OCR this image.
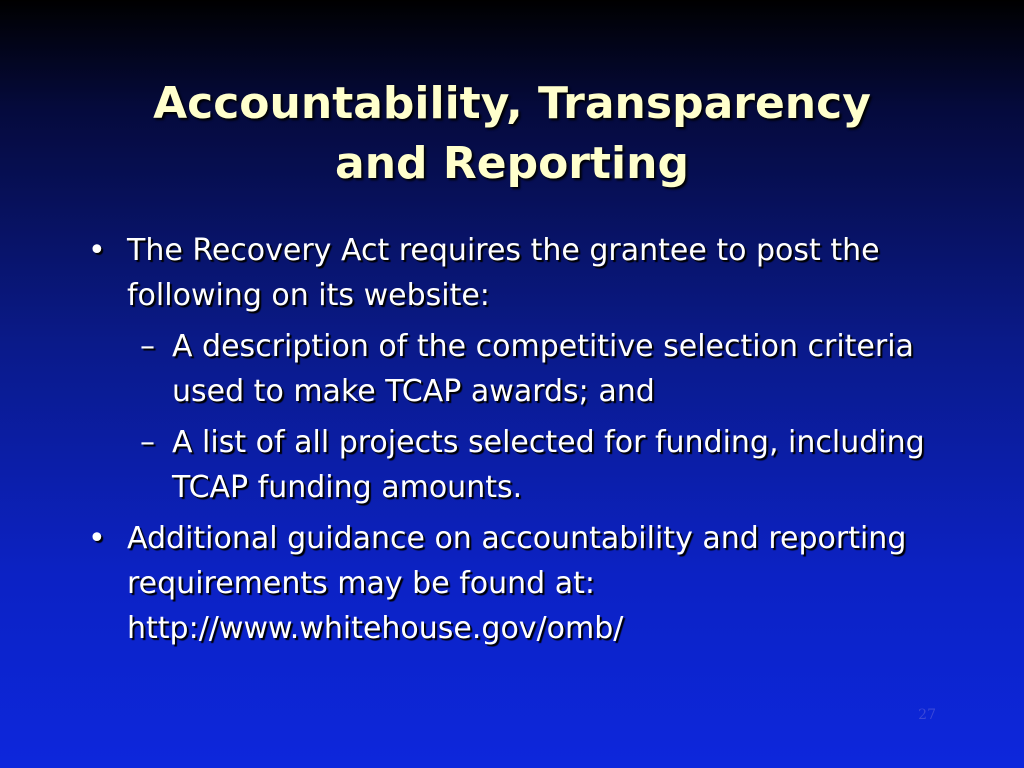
Accountability, Transparency
and Reporting
• The Recovery Act requires the grantee to post the following on its website:
– A description of the competitive selection criteria used to make TCAP awards; and
– A list of all projects selected for funding, including TCAP funding amounts.
• Additional guidance on accountability and reporting requirements may be found at: http://www.whitehouse.gov/omb/
27
